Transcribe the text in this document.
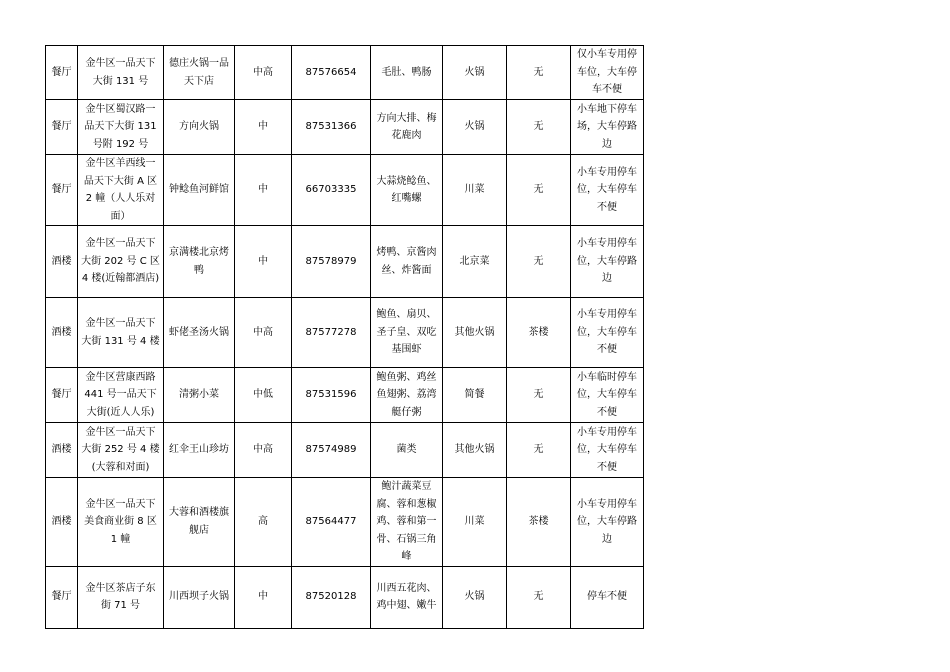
餐厅	金牛区一品天下大街 131 号	德庄火锅一品天下店	中高	87576654	毛肚、鸭肠	火锅	无	仅小车专用停车位，大车停车不便
餐厅	金牛区蜀汉路一品天下大街 131 号附 192 号	方向火锅	中	87531366	方向大排、梅花鹿肉	火锅	无	小车地下停车场，大车停路边
餐厅	金牛区羊西线一品天下大街 A 区 2 幢（人人乐对面）	钟鲶鱼河鲜馆	中	66703335	大蒜烧鲶鱼、红嘴螺	川菜	无	小车专用停车位，大车停车不便
酒楼	金牛区一品天下大街 202 号 C 区 4 楼(近翰都酒店)	京满楼北京烤鸭	中	87578979	烤鸭、京酱肉丝、炸酱面	北京菜	无	小车专用停车位，大车停路边
酒楼	金牛区一品天下大街 131 号 4 楼	虾佬圣汤火锅	中高	87577278	鲍鱼、扇贝、圣子皇、双吃基围虾	其他火锅	茶楼	小车专用停车位，大车停车不便
餐厅	金牛区营康西路 441 号一品天下大街(近人人乐)	清粥小菜	中低	87531596	鲍鱼粥、鸡丝鱼翅粥、荔湾艇仔粥	简餐	无	小车临时停车位，大车停车不便
酒楼	金牛区一品天下大街 252 号 4 楼(大蓉和对面)	红伞王山珍坊	中高	87574989	菌类	其他火锅	无	小车专用停车位，大车停车不便
酒楼	金牛区一品天下美食商业街 8 区 1 幢	大蓉和酒楼旗舰店	高	87564477	鲍汁蔬菜豆腐、蓉和葱椒鸡、蓉和第一骨、石锅三角峰	川菜	茶楼	小车专用停车位，大车停路边
餐厅	金牛区茶店子东街 71 号	川西坝子火锅	中	87520128	川西五花肉、鸡中翅、嫩牛	火锅	无	停车不便
